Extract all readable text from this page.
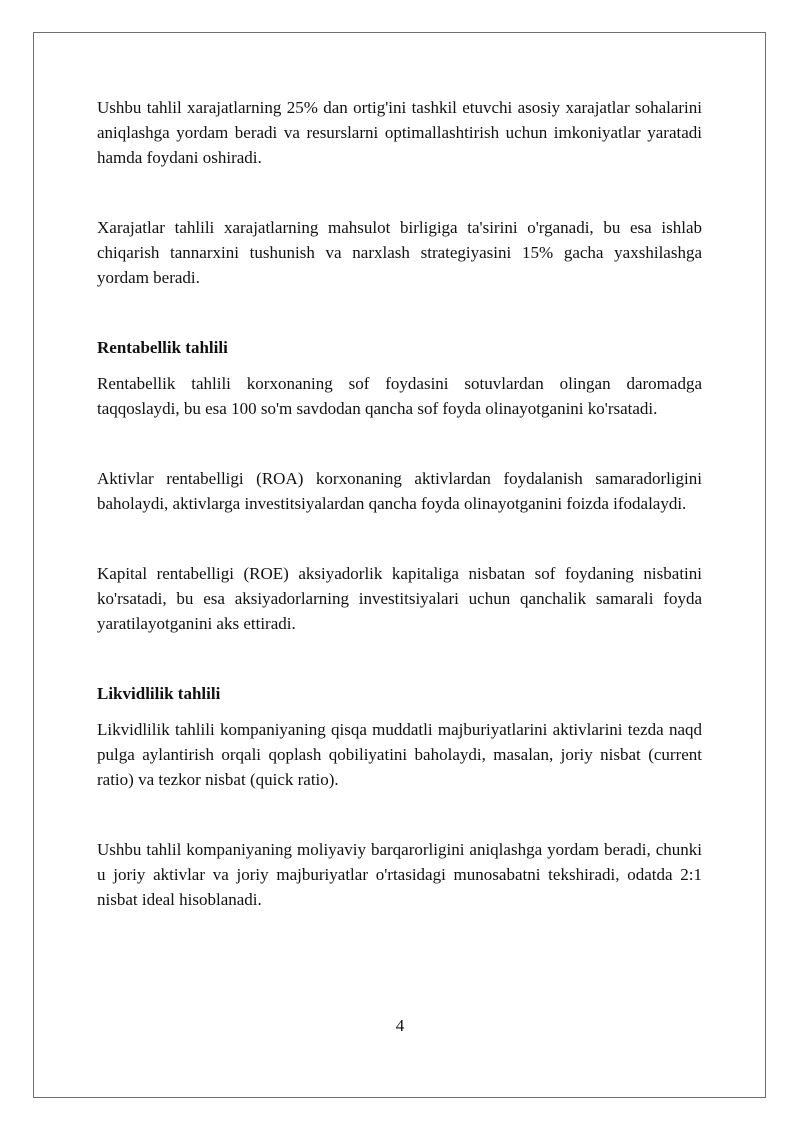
Ushbu tahlil xarajatlarning 25% dan ortig'ini tashkil etuvchi asosiy xarajatlar sohalarini aniqlashga yordam beradi va resurslarni optimallashtirish uchun imkoniyatlar yaratadi hamda foydani oshiradi.

Xarajatlar tahlili xarajatlarning mahsulot birligiga ta'sirini o'rganadi, bu esa ishlab chiqarish tannarxini tushunish va narxlash strategiyasini 15% gacha yaxshilashga yordam beradi.

Rentabellik tahlili

Rentabellik tahlili korxonaning sof foydasini sotuvlardan olingan daromadga taqqoslaydi, bu esa 100 so'm savdodan qancha sof foyda olinayotganini ko'rsatadi.

Aktivlar rentabelligi (ROA) korxonaning aktivlardan foydalanish samaradorligini baholaydi, aktivlarga investitsiyalardan qancha foyda olinayotganini foizda ifodalaydi.

Kapital rentabelligi (ROE) aksiyadorlik kapitaliga nisbatan sof foydaning nisbatini ko'rsatadi, bu esa aksiyadorlarning investitsiyalari uchun qanchalik samarali foyda yaratilayotganini aks ettiradi.

Likvidlilik tahlili

Likvidlilik tahlili kompaniyaning qisqa muddatli majburiyatlarini aktivlarini tezda naqd pulga aylantirish orqali qoplash qobiliyatini baholaydi, masalan, joriy nisbat (current ratio) va tezkor nisbat (quick ratio).

Ushbu tahlil kompaniyaning moliyaviy barqarorligini aniqlashga yordam beradi, chunki u joriy aktivlar va joriy majburiyatlar o'rtasidagi munosabatni tekshiradi, odatda 2:1 nisbat ideal hisoblanadi.

4
